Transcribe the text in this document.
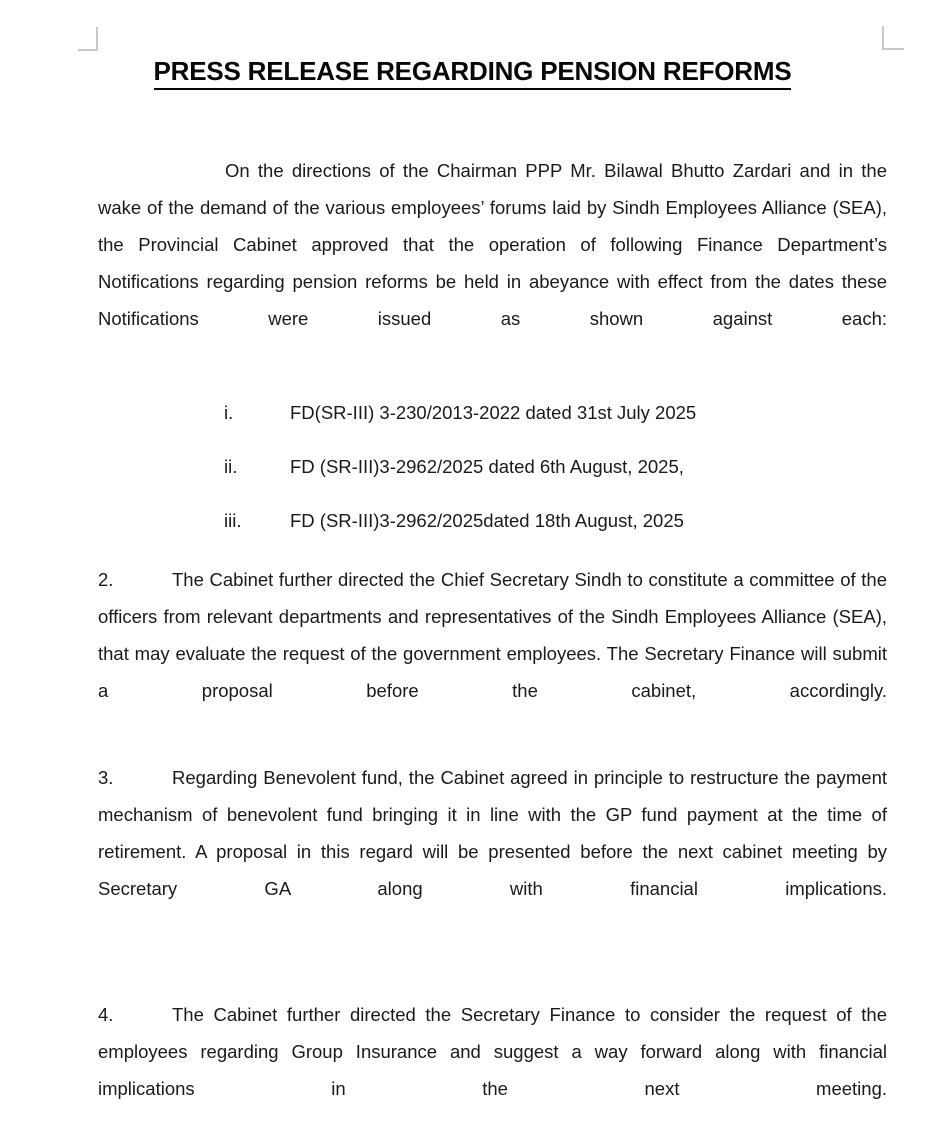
PRESS RELEASE REGARDING PENSION REFORMS

On the directions of the Chairman PPP Mr. Bilawal Bhutto Zardari and in the wake of the demand of the various employees’ forums laid by Sindh Employees Alliance (SEA), the Provincial Cabinet approved that the operation of following Finance Department’s Notifications regarding pension reforms be held in abeyance with effect from the dates these Notifications were issued as shown against each:

i.	FD(SR-III) 3-230/2013-2022 dated 31st July 2025
ii.	FD (SR-III)3-2962/2025 dated 6th August, 2025,
iii.	FD (SR-III)3-2962/2025dated 18th August, 2025

2.	The Cabinet further directed the Chief Secretary Sindh to constitute a committee of the officers from relevant departments and representatives of the Sindh Employees Alliance (SEA), that may evaluate the request of the government employees. The Secretary Finance will submit a proposal before the cabinet, accordingly.

3.	Regarding Benevolent fund, the Cabinet agreed in principle to restructure the payment mechanism of benevolent fund bringing it in line with the GP fund payment at the time of retirement. A proposal in this regard will be presented before the next cabinet meeting by Secretary GA along with financial implications.

4.	The Cabinet further directed the Secretary Finance to consider the request of the employees regarding Group Insurance and suggest a way forward along with financial implications in the next meeting.
